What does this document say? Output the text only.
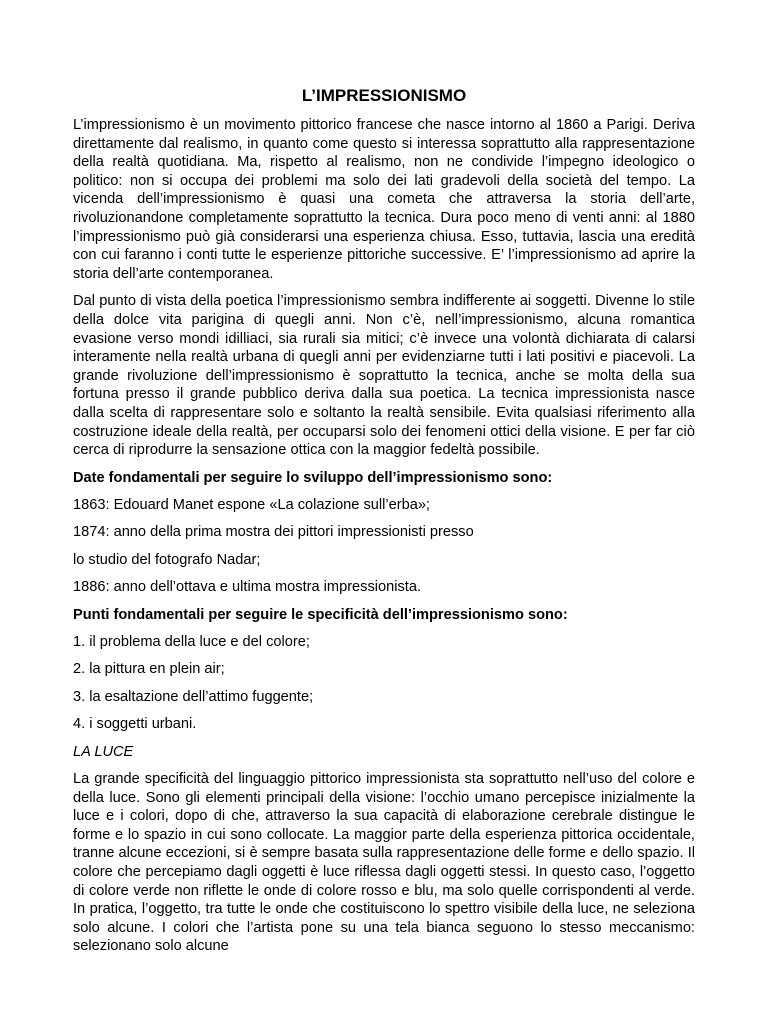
L’IMPRESSIONISMO

L’impressionismo è un movimento pittorico francese che nasce intorno al 1860 a Parigi. Deriva direttamente dal realismo, in quanto come questo si interessa soprattutto alla rappresentazione della realtà quotidiana. Ma, rispetto al realismo, non ne condivide l’impegno ideologico o politico: non si occupa dei problemi ma solo dei lati gradevoli della società del tempo. La vicenda dell’impressionismo è quasi una cometa che attraversa la storia dell’arte, rivoluzionandone completamente soprattutto la tecnica. Dura poco meno di venti anni: al 1880 l’impressionismo può già considerarsi una esperienza chiusa. Esso, tuttavia, lascia una eredità con cui faranno i conti tutte le esperienze pittoriche successive. E’ l’impressionismo ad aprire la storia dell’arte contemporanea.

Dal punto di vista della poetica l’impressionismo sembra indifferente ai soggetti. Divenne lo stile della dolce vita parigina di quegli anni. Non c’è, nell’impressionismo, alcuna romantica evasione verso mondi idilliaci, sia rurali sia mitici; c’è invece una volontà dichiarata di calarsi interamente nella realtà urbana di quegli anni per evidenziarne tutti i lati positivi e piacevoli. La grande rivoluzione dell’impressionismo è soprattutto la tecnica, anche se molta della sua fortuna presso il grande pubblico deriva dalla sua poetica. La tecnica impressionista nasce dalla scelta di rappresentare solo e soltanto la realtà sensibile. Evita qualsiasi riferimento alla costruzione ideale della realtà, per occuparsi solo dei fenomeni ottici della visione. E per far ciò cerca di riprodurre la sensazione ottica con la maggior fedeltà possibile.

Date fondamentali per seguire lo sviluppo dell’impressionismo sono:

1863: Edouard Manet espone «La colazione sull’erba»;

1874: anno della prima mostra dei pittori impressionisti presso

lo studio del fotografo Nadar;

1886: anno dell’ottava e ultima mostra impressionista.

Punti fondamentali per seguire le specificità dell’impressionismo sono:

1. il problema della luce e del colore;

2. la pittura en plein air;

3. la esaltazione dell’attimo fuggente;

4. i soggetti urbani.

LA LUCE

La grande specificità del linguaggio pittorico impressionista sta soprattutto nell’uso del colore e della luce. Sono gli elementi principali della visione: l’occhio umano percepisce inizialmente la luce e i colori, dopo di che, attraverso la sua capacità di elaborazione cerebrale distingue le forme e lo spazio in cui sono collocate. La maggior parte della esperienza pittorica occidentale, tranne alcune eccezioni, si è sempre basata sulla rappresentazione delle forme e dello spazio. Il colore che percepiamo dagli oggetti è luce riflessa dagli oggetti stessi. In questo caso, l’oggetto di colore verde non riflette le onde di colore rosso e blu, ma solo quelle corrispondenti al verde. In pratica, l’oggetto, tra tutte le onde che costituiscono lo spettro visibile della luce, ne seleziona solo alcune. I colori che l’artista pone su una tela bianca seguono lo stesso meccanismo: selezionano solo alcune
